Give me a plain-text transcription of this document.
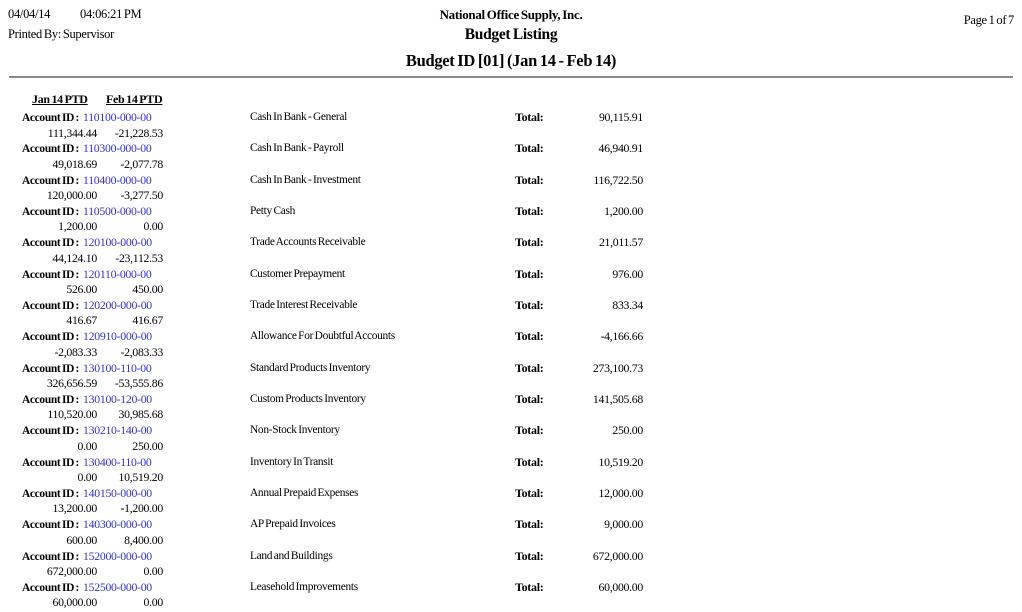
04/04/14 04:06:21 PM
Printed By: Supervisor
National Office Supply, Inc.
Budget Listing
Budget ID [01] (Jan 14 - Feb 14)
Page 1 of 7
Jan 14 PTD Feb 14 PTD
Account ID : 110100-000-00
111,344.44	-21,228.53
Cash In Bank - General	Total:	90,115.91
Account ID : 110300-000-00
49,018.69	-2,077.78
Cash In Bank - Payroll	Total:	46,940.91
Account ID : 110400-000-00
120,000.00	-3,277.50
Cash In Bank - Investment	Total:	116,722.50
Account ID : 110500-000-00
1,200.00	0.00
Petty Cash	Total:	1,200.00
Account ID : 120100-000-00
44,124.10	-23,112.53
Trade Accounts Receivable	Total:	21,011.57
Account ID : 120110-000-00
526.00	450.00
Customer Prepayment	Total:	976.00
Account ID : 120200-000-00
416.67	416.67
Trade Interest Receivable	Total:	833.34
Account ID : 120910-000-00
-2,083.33	-2,083.33
Allowance For Doubtful Accounts	Total:	-4,166.66
Account ID : 130100-110-00
326,656.59	-53,555.86
Standard Products Inventory	Total:	273,100.73
Account ID : 130100-120-00
110,520.00	30,985.68
Custom Products Inventory	Total:	141,505.68
Account ID : 130210-140-00
0.00	250.00
Non-Stock Inventory	Total:	250.00
Account ID : 130400-110-00
0.00	10,519.20
Inventory In Transit	Total:	10,519.20
Account ID : 140150-000-00
13,200.00	-1,200.00
Annual Prepaid Expenses	Total:	12,000.00
Account ID : 140300-000-00
600.00	8,400.00
AP Prepaid Invoices	Total:	9,000.00
Account ID : 152000-000-00
672,000.00	0.00
Land and Buildings	Total:	672,000.00
Account ID : 152500-000-00
60,000.00	0.00
Leasehold Improvements	Total:	60,000.00
